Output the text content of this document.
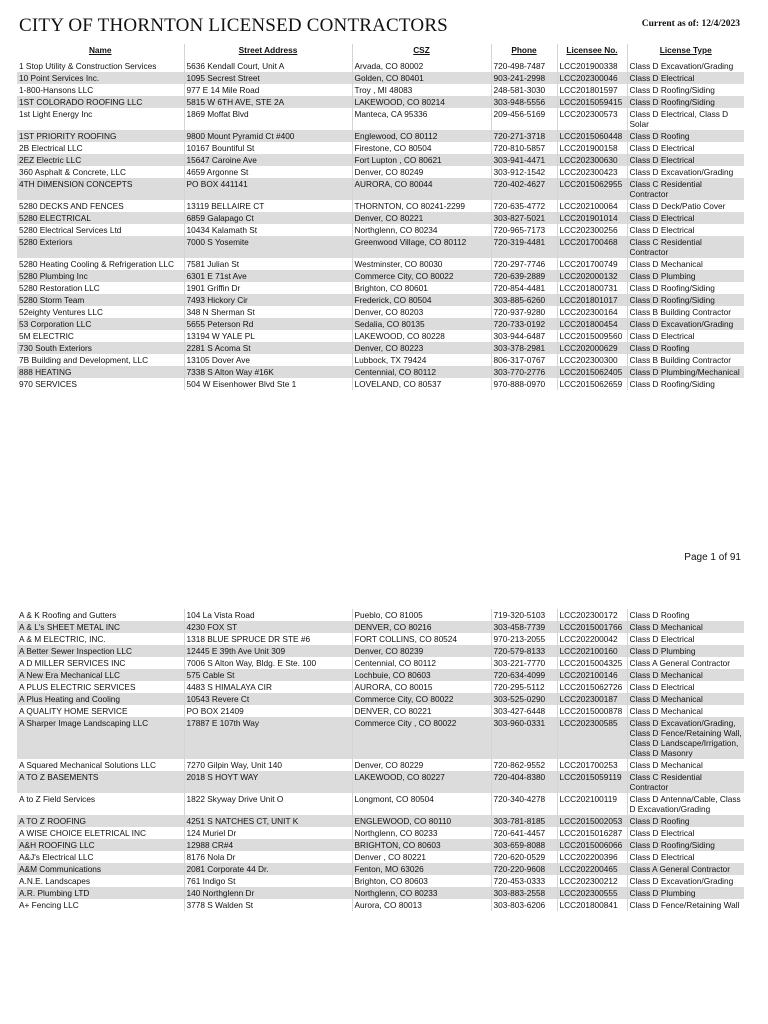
CITY OF THORNTON LICENSED CONTRACTORS	Current as of: 12/4/2023
Name	Street Address	CSZ	Phone	Licensee No.	License Type
1 Stop Utility & Construction Services	5636 Kendall Court, Unit A	Arvada, CO 80002	720-498-7487	LCC201900338	Class D Excavation/Grading
10 Point Services Inc.	1095 Secrest Street	Golden, CO 80401	903-241-2998	LCC202300046	Class D Electrical
1-800-Hansons LLC	977 E 14 Mile Road	Troy , MI 48083	248-581-3030	LCC201801597	Class D Roofing/Siding
1ST COLORADO ROOFING LLC	5815 W 6TH AVE, STE 2A	LAKEWOOD, CO 80214	303-948-5556	LCC2015059415	Class D Roofing/Siding
1st Light Energy Inc	1869 Moffat Blvd	Manteca, CA 95336	209-456-5169	LCC202300573	Class D Electrical, Class D Solar
1ST PRIORITY ROOFING	9800 Mount Pyramid Ct #400	Englewood, CO 80112	720-271-3718	LCC2015060448	Class D Roofing
2B Electrical LLC	10167 Bountiful St	Firestone, CO 80504	720-810-5857	LCC201900158	Class D Electrical
2EZ Electric LLC	15647 Caroine Ave	Fort Lupton , CO 80621	303-941-4471	LCC202300630	Class D Electrical
360 Asphalt & Concrete, LLC	4659 Argonne St	Denver, CO 80249	303-912-1542	LCC202300423	Class D Excavation/Grading
4TH DIMENSION CONCEPTS	PO BOX 441141	AURORA, CO 80044	720-402-4627	LCC2015062955	Class C Residential Contractor
5280 DECKS AND FENCES	13119 BELLAIRE CT	THORNTON, CO 80241-2299	720-635-4772	LCC202100064	Class D Deck/Patio Cover
5280 ELECTRICAL	6859 Galapago Ct	Denver, CO 80221	303-827-5021	LCC201901014	Class D Electrical
5280 Electrical Services Ltd	10434 Kalamath St	Northglenn, CO 80234	720-965-7173	LCC202300256	Class D Electrical
5280 Exteriors	7000 S Yosemite	Greenwood Village, CO 80112	720-319-4481	LCC201700468	Class C Residential Contractor
5280 Heating Cooling & Refrigeration LLC	7581 Julian St	Westminster, CO 80030	720-297-7746	LCC201700749	Class D Mechanical
5280 Plumbing Inc	6301 E 71st Ave	Commerce City, CO 80022	720-639-2889	LCC202000132	Class D Plumbing
5280 Restoration LLC	1901 Griffin Dr	Brighton, CO 80601	720-854-4481	LCC201800731	Class D Roofing/Siding
5280 Storm Team	7493 Hickory Cir	Frederick, CO 80504	303-885-6260	LCC201801017	Class D Roofing/Siding
52eighty Ventures LLC	348 N Sherman St	Denver, CO 80203	720-937-9280	LCC202300164	Class B Building Contractor
53 Corporation LLC	5655 Peterson Rd	Sedalia, CO 80135	720-733-0192	LCC201800454	Class D Excavation/Grading
5M ELECTRIC	13194 W YALE PL	LAKEWOOD, CO 80228	303-944-6487	LCC2015009560	Class D Electrical
730 South Exteriors	2281 S Acoma St	Denver, CO 80223	303-378-2981	LCC202000629	Class D Roofing
7B Building and Development, LLC	13105 Dover Ave	Lubbock, TX 79424	806-317-0767	LCC202300300	Class B Building Contractor
888 HEATING	7338 S Alton Way #16K	Centennial, CO 80112	303-770-2776	LCC2015062405	Class D Plumbing/Mechanical
970 SERVICES	504 W Eisenhower Blvd Ste 1	LOVELAND, CO 80537	970-888-0970	LCC2015062659	Class D Roofing/Siding
Page 1 of 91
A & K Roofing and Gutters	104 La Vista Road	Pueblo, CO 81005	719-320-5103	LCC202300172	Class D Roofing
A & L's SHEET METAL INC	4230 FOX ST	DENVER, CO 80216	303-458-7739	LCC2015001766	Class D Mechanical
A & M ELECTRIC, INC.	1318 BLUE SPRUCE DR STE #6	FORT COLLINS, CO 80524	970-213-2055	LCC202200042	Class D Electrical
A Better Sewer Inspection LLC	12445 E 39th Ave Unit 309	Denver, CO 80239	720-579-8133	LCC202100160	Class D Plumbing
A D MILLER SERVICES INC	7006 S Alton Way, Bldg. E Ste. 100	Centennial, CO 80112	303-221-7770	LCC2015004325	Class A General Contractor
A New Era Mechanical LLC	575 Cable St	Lochbuie, CO 80603	720-634-4099	LCC202100146	Class D Mechanical
A PLUS ELECTRIC SERVICES	4483 S HIMALAYA CIR	AURORA, CO 80015	720-295-5112	LCC2015062726	Class D Electrical
A Plus Heating and Cooling	10543 Revere Ct	Commerce City, CO 80022	303-525-0290	LCC202300187	Class D Mechanical
A QUALITY HOME SERVICE	PO BOX 21409	DENVER, CO 80221	303-427-6448	LCC2015000878	Class D Mechanical
A Sharper Image Landscaping LLC	17887 E 107th Way	Commerce City , CO 80022	303-960-0331	LCC202300585	Class D Excavation/Grading, Class D Fence/Retaining Wall, Class D Landscape/Irrigation, Class D Masonry
A Squared Mechanical Solutions LLC	7270 Gilpin Way, Unit 140	Denver, CO 80229	720-862-9552	LCC201700253	Class D Mechanical
A TO Z BASEMENTS	2018 S HOYT WAY	LAKEWOOD, CO 80227	720-404-8380	LCC2015059119	Class C Residential Contractor
A to Z Field Services	1822 Skyway Drive Unit O	Longmont, CO 80504	720-340-4278	LCC202100119	Class D Antenna/Cable, Class D Excavation/Grading
A TO Z ROOFING	4251 S NATCHES CT, UNIT K	ENGLEWOOD, CO 80110	303-781-8185	LCC2015002053	Class D Roofing
A WISE CHOICE ELETRICAL INC	124 Muriel Dr	Northglenn, CO 80233	720-641-4457	LCC2015016287	Class D Electrical
A&H ROOFING LLC	12988 CR#4	BRIGHTON, CO 80603	303-659-8088	LCC2015006066	Class D Roofing/Siding
A&J's Electrical LLC	8176 Nola Dr	Denver , CO 80221	720-620-0529	LCC202200396	Class D Electrical
A&M Communications	2081 Corporate 44 Dr.	Fenton, MO 63026	720-220-9608	LCC202200465	Class A General Contractor
A.N.E. Landscapes	761 Indigo St	Brighton, CO 80603	720-453-0333	LCC202300212	Class D Excavation/Grading
A.R. Plumbing LTD	140 Northglenn Dr	Northglenn, CO 80233	303-883-2558	LCC202300555	Class D Plumbing
A+ Fencing LLC	3778 S Walden St	Aurora, CO 80013	303-803-6206	LCC201800841	Class D Fence/Retaining Wall
